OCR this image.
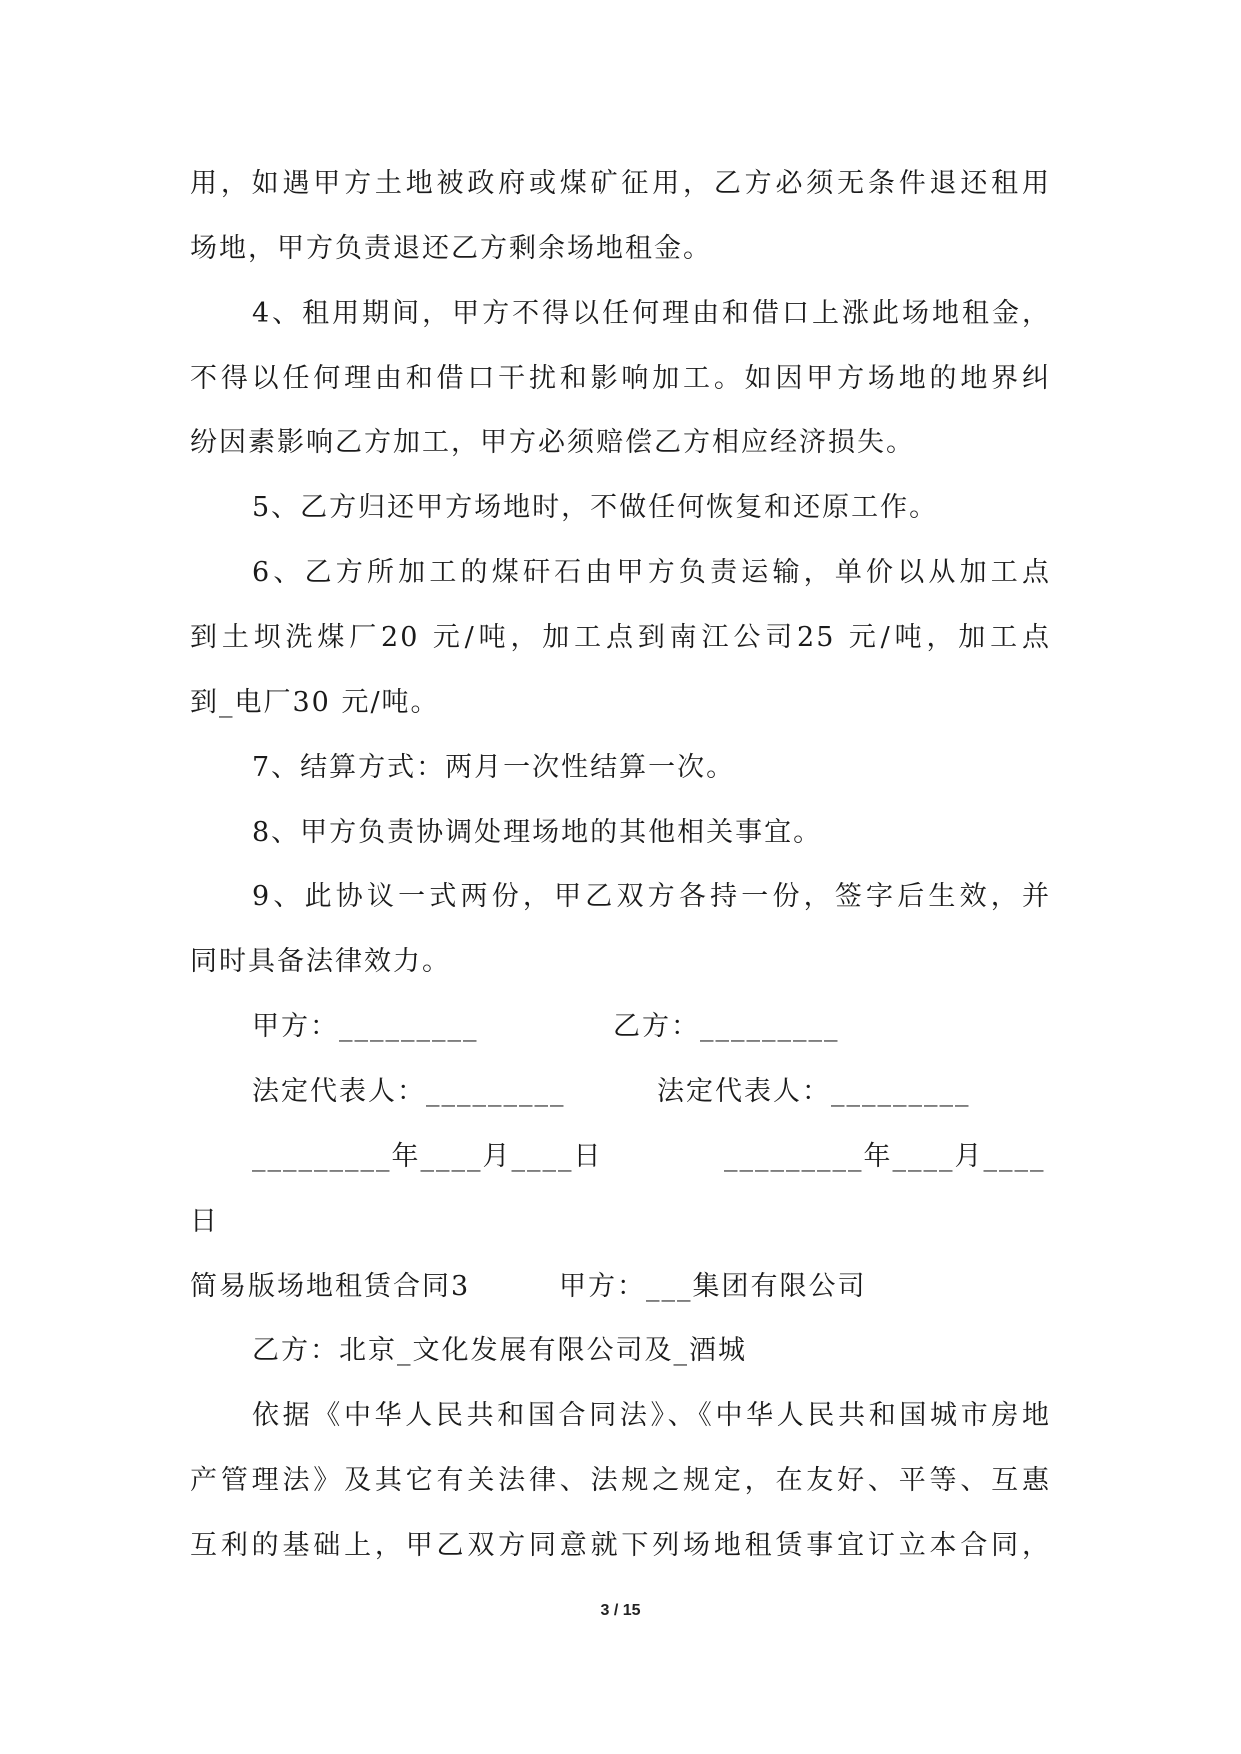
用，如遇甲方土地被政府或煤矿征用，乙方必须无条件退还租用
场地，甲方负责退还乙方剩余场地租金。
4、租用期间，甲方不得以任何理由和借口上涨此场地租金，
不得以任何理由和借口干扰和影响加工。如因甲方场地的地界纠
纷因素影响乙方加工，甲方必须赔偿乙方相应经济损失。
5、乙方归还甲方场地时，不做任何恢复和还原工作。
6、乙方所加工的煤矸石由甲方负责运输，单价以从加工点
到土坝洗煤厂20 元/吨，加工点到南江公司25 元/吨，加工点
到_电厂30 元/吨。
7、结算方式：两月一次性结算一次。
8、甲方负责协调处理场地的其他相关事宜。
9、此协议一式两份，甲乙双方各持一份，签字后生效，并
同时具备法律效力。
甲方：_________	乙方：_________
法定代表人：_________	法定代表人：_________
_________年____月____日	_________年____月____
日
简易版场地租赁合同3	甲方：___集团有限公司
乙方：北京_文化发展有限公司及_酒城
依据《中华人民共和国合同法》、《中华人民共和国城市房地
产管理法》及其它有关法律、法规之规定，在友好、平等、互惠
互利的基础上，甲乙双方同意就下列场地租赁事宜订立本合同，
3 / 15
